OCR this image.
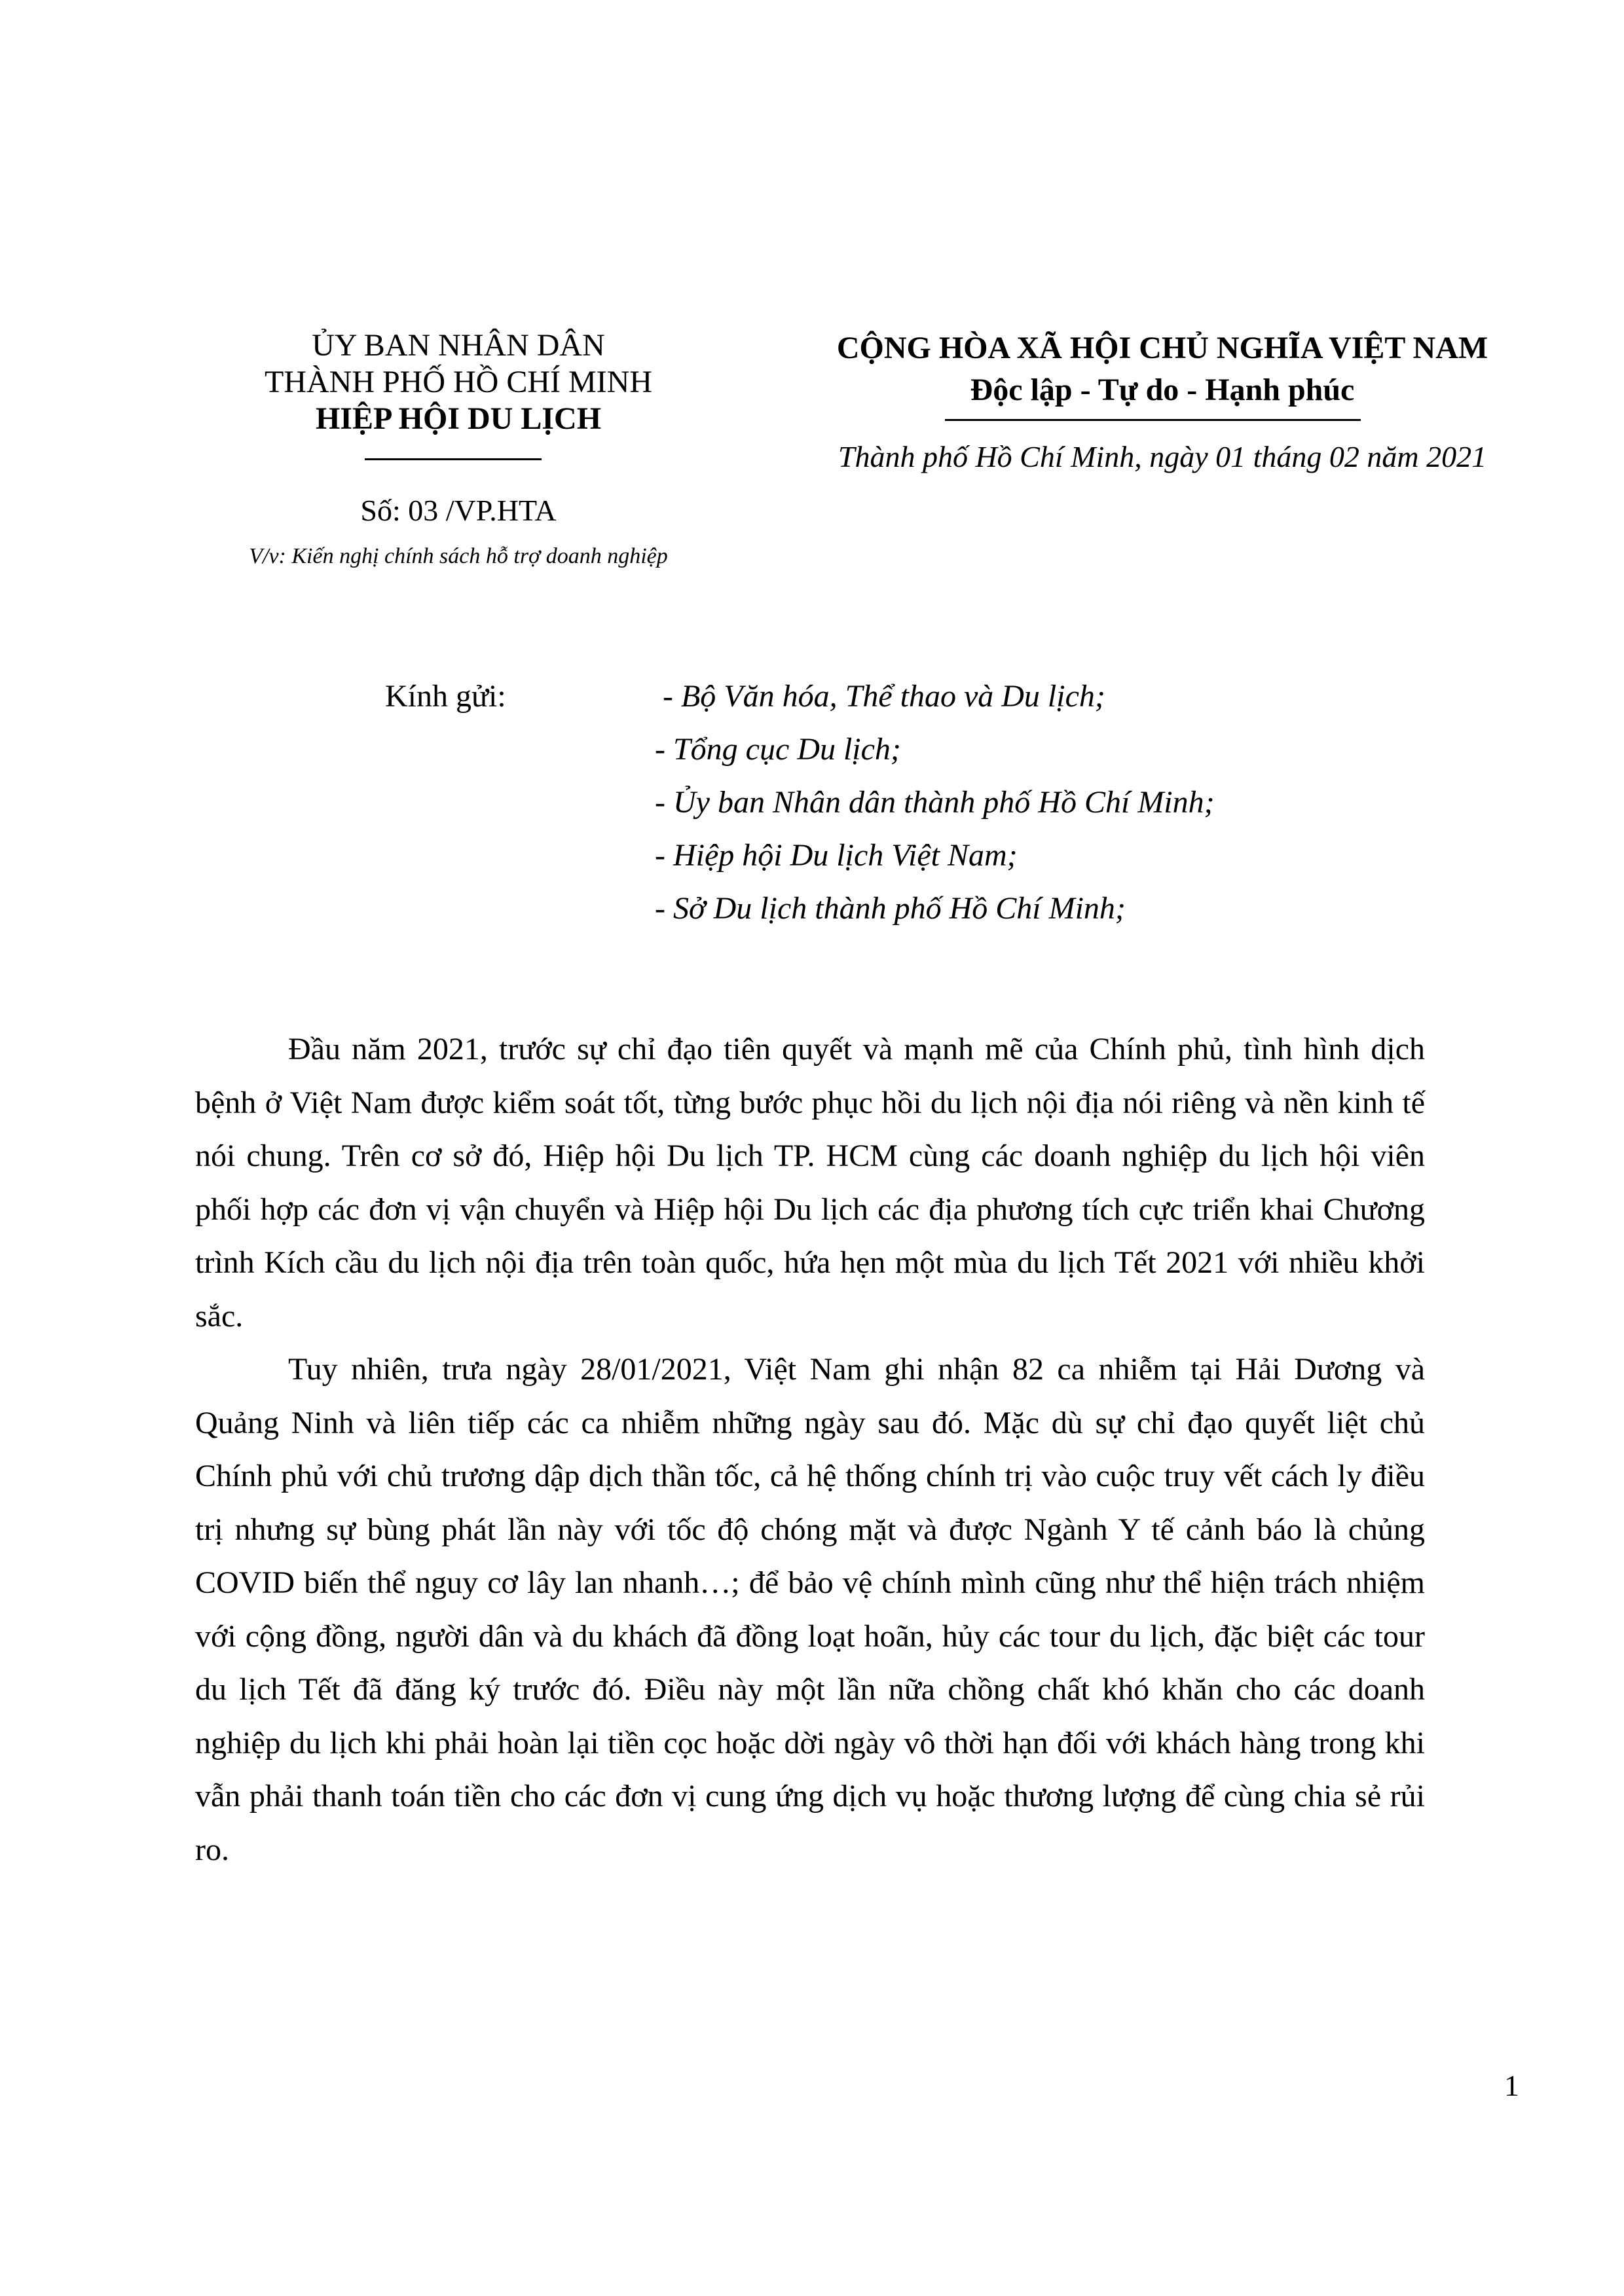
ỦY BAN NHÂN DÂN
THÀNH PHỐ HỒ CHÍ MINH
HIỆP HỘI DU LỊCH
Số: 03 /VP.HTA
V/v: Kiến nghị chính sách hỗ trợ doanh nghiệp
CỘNG HÒA XÃ HỘI CHỦ NGHĨA VIỆT NAM
Độc lập - Tự do - Hạnh phúc
Thành phố Hồ Chí Minh, ngày 01 tháng 02 năm 2021
Kính gửi:	- Bộ Văn hóa, Thể thao và Du lịch;
- Tổng cục Du lịch;
- Ủy ban Nhân dân thành phố Hồ Chí Minh;
- Hiệp hội Du lịch Việt Nam;
- Sở Du lịch thành phố Hồ Chí Minh;

Đầu năm 2021, trước sự chỉ đạo tiên quyết và mạnh mẽ của Chính phủ, tình hình dịch bệnh ở Việt Nam được kiểm soát tốt, từng bước phục hồi du lịch nội địa nói riêng và nền kinh tế nói chung. Trên cơ sở đó, Hiệp hội Du lịch TP. HCM cùng các doanh nghiệp du lịch hội viên phối hợp các đơn vị vận chuyển và Hiệp hội Du lịch các địa phương tích cực triển khai Chương trình Kích cầu du lịch nội địa trên toàn quốc, hứa hẹn một mùa du lịch Tết 2021 với nhiều khởi sắc.

Tuy nhiên, trưa ngày 28/01/2021, Việt Nam ghi nhận 82 ca nhiễm tại Hải Dương và Quảng Ninh và liên tiếp các ca nhiễm những ngày sau đó. Mặc dù sự chỉ đạo quyết liệt chủ Chính phủ với chủ trương dập dịch thần tốc, cả hệ thống chính trị vào cuộc truy vết cách ly điều trị nhưng sự bùng phát lần này với tốc độ chóng mặt và được Ngành Y tế cảnh báo là chủng COVID biến thể nguy cơ lây lan nhanh…; để bảo vệ chính mình cũng như thể hiện trách nhiệm với cộng đồng, người dân và du khách đã đồng loạt hoãn, hủy các tour du lịch, đặc biệt các tour du lịch Tết đã đăng ký trước đó. Điều này một lần nữa chồng chất khó khăn cho các doanh nghiệp du lịch khi phải hoàn lại tiền cọc hoặc dời ngày vô thời hạn đối với khách hàng trong khi vẫn phải thanh toán tiền cho các đơn vị cung ứng dịch vụ hoặc thương lượng để cùng chia sẻ rủi ro.

1
